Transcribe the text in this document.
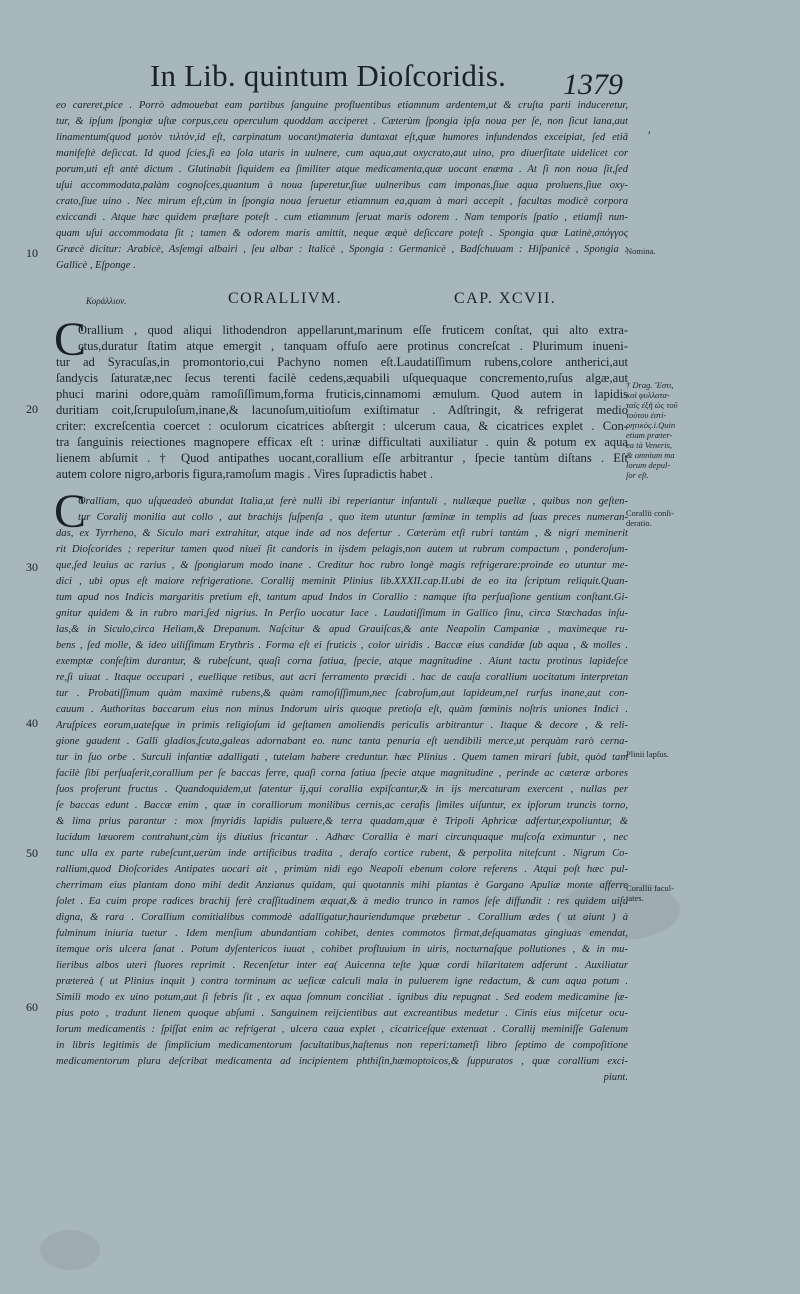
In Lib. quintum Dioſcoridis. 1379
ʹ
eo careret,pice . Porrò admouebat eam partibus ſanguine profluentibus etiamnum ardentem,ut & cruſta parti induceretur,
tur, & ipſum ſpongiæ uſtæ corpus,ceu operculum quoddam acciperet . Cæterùm ſpongia ipſa noua per ſe, non ſicut lana,aut
linamentum(quod μοτὸν τιλτὸν,id eſt, carpinatum uocant)materia duntaxat eſt,quæ humores infundendos exceipiat, ſed etiā
manifeſtè deſiccat. Id quod ſcies,ſi ea ſola utaris in uulnere, cum aqua,aut oxycrato,aut uino, pro diuerſitate uidelicet cor
porum,uti eſt antè dictum . Glutinabit ſiquidem ea ſimiliter atque medicamenta,quæ uocant enæma . At ſi non noua ſit,ſed
uſui accommodata,palàm cognoſces,quantum à noua ſuperetur,ſiue uulneribus cam imponas,ſiue aqua proluens,ſiue oxy-
crato,ſiue uino . Nec mirum eſt,cùm in ſpongia noua ſeruetur etiamnum ea,quam à mari accepit , facultas modicè corpora
exiccandi . Atque hæc quidem præſtare poteſt . cum etiamnum ſeruat maris odorem . Nam temporis ſpatio , etiamſi nun-
quam uſui accommodata ſit ; tamen & odorem maris amittit, neque æquè deſiccare poteſt . Spongia quæ Latinè,σπόγγος
Græcè dicitur: Arabicè, Asſemgi albairi , ſeu albar : Italicè , Spongia : Germanicè , Badſchuuam : Hiſpanicè , Spongia :
Gallicè , Eſponge .
Κοράλλιον.	CORALLIVM.	CAP. XCVII.
C
Orallium , quod aliqui lithodendron appellarunt,marinum eſſe fruticem conſtat, qui alto extra-
ctus,duratur ſtatim atque emergit , tanquam offuſo aere protinus concreſcat . Plurimum inueni-
tur ad Syracuſas,in promontorio,cui Pachyno nomen eſt.Laudatiſſimum rubens,colore antherici,aut
ſandycis ſaturatæ,nec ſecus terenti facilè cedens,æquabili uſquequaque concremento,ruſus algæ,aut
phuci marini odore,quàm ramoſiſſimum,forma fruticis,cinnamomi æmulum. Quod autem in lapidis
duritiam coit,ſcrupuloſum,inane,& lacunoſum,uitioſum exiſtimatur . Adſtringit, & refrigerat medio
criter: excreſcentia coercet : oculorum cicatrices abſtergit : ulcerum caua, & cicatrices explet . Con-
tra ſanguinis reiectiones magnopere efficax eſt : urinæ difficultati auxiliatur . quin & potum ex aqua
lienem abſumit . † Quod antipathes uocant,corallium eſſe arbitrantur , ſpecie tantùm diſtans . Eſt
autem colore nigro,arboris figura,ramoſum magis . Vires ſupradictis habet .
C
Oralliam, quo uſqueadeò abundat Italia,ut ferè nulli ibi reperiantur infantuli , nullæque puellæ , quibus non geſten-
tur Coralij monilia aut collo , aut brachijs ſuſpenſa , quo item utuntur fœminæ in templis ad ſuas preces numeran-
das, ex Tyrrheno, & Siculo mari extrahitur, atque inde ad nos defertur . Cæterùm etſi rubri tantùm , & nigri meminerit
rit Dioſcorides ; reperitur tamen quod niueï ſit candoris in ijsdem pelagis,non autem ut rubrum compactum , ponderoſum-
que,ſed leuius ac rarius , & ſpongiarum modo inane . Creditur hoc rubro longè magis refrigerare:proinde eo utuntur me-
dici , ubi opus eſt maiore refrigeratione. Corallij meminit Plinius lib.XXXII.cap.II.ubi de eo ita ſcriptum reliquit.Quan-
tum apud nos Indicis margaritis pretium eſt, tantum apud Indos in Corallio : namque iſta perſuaſione gentium conſtant.Gi-
gnitur quidem & in rubro mari,ſed nigrius. In Perſio uocatur Iace . Laudatiſſimum in Gallico ſinu, circa Stœchadas inſu-
las,& in Siculo,circa Heliam,& Drepanum. Naſcitur & apud Grauiſcas,& ante Neapolin Campaniæ , maximeque ru-
bens , ſed molle, & ideo uiliſſimum Erythris . Forma eſt ei fruticis , color uiridis . Baccæ eius candidæ ſub aqua , & molles .
exemptæ confeſtim durantur, & rubeſcunt, quaſi corna ſatiua, ſpecie, atque magnitudine . Aiunt tactu protinus lapideſce
re,ſi uiuat . Itaque occupari , euellique retibus, aut acri ferramento præcidi . hac de cauſa corallium uocitatum interpretan
tur . Probatiſſimum quàm maximè rubens,& quàm ramoſiſſimum,nec ſcabroſum,aut lapideum,nel rurſus inane,aut con-
cauum . Authoritas baccarum eius non minus Indorum uiris quoque pretioſa eſt, quàm fœminis noſtris uniones Indici .
Aruſpices eorum,uateſque in primis religioſum id geſtamen amoliendis periculis arbitrantur . Itaque & decore , & reli-
gione gaudent . Galli gladios,ſcuta,galeas adornabant eo. nunc tanta penuria eſt uendibili merce,ut perquàm rarò cerna-
tur in ſuo orbe . Surculi infantiæ adalligati , tutelam habere creduntur. hæc Plinius . Quem tamen mirari ſubit, quòd tam
facilè ſibi perſuaſerit,corallium per ſe baccas ferre, quaſi corna ſatiua ſpecie atque magnitudine , perinde ac cæteræ arbores
ſuos proferunt fructus . Quandoquidem,ut fatentur ij,qui corallia expiſcantur,& in ijs mercaturam exercent , nullas per
ſe baccas edunt . Baccæ enim , quæ in coralliorum monilibus cernis,ac cerafis ſimiles uiſuntur, ex ipſorum truncis torno,
& lima prius parantur : mox ſmyridis lapidis puluere,& terra quadam,quæ è Tripoli Aphricæ adfertur,expoliuntur, &
lucidum læuorem contrahunt,cùm ijs diutius fricantur . Adhæc Corallia è mari circunquaque muſcoſa eximuntur , nec
tunc ulla ex parte rubeſcunt,uerùm inde artificibus tradita , derafo cortice rubent, & perpolita nitefcunt . Nigrum Co-
rallium,quod Dioſcorides Antipates uocari ait , primùm nidi ego Neapoli ebenum colore referens . Atqui poſt hæc pul-
cherrimam eius plantam dono mihi dedit Anzianus quidam, qui quotannis mihi plantas è Gargano Apuliæ monte afferre
ſolet . Ea cuim prope radices brachij ferè craſſitudinem æquat,& à medio trunco in ramos ſeſe diffundit : res quidem uiſu
digna, & rara . Corallium comitialibus commodè adalligatur,hauriendumque præbetur . Corallium ædes ( ut aiunt ) à
fulminum iniuria tuetur . Idem menſium abundantiam cohibet, dentes commotos firmat,deſquamatas gingiuas emendat,
itemque oris ulcera ſanat . Potum dyſentericos iuuat , cohibet profluuium in uiris, nocturnaſque pollutiones , & in mu-
lieribus albos uteri fluores reprimit . Recenſetur inter ea( Auicenna teſte )quæ cordi hilaritatem adferunt . Auxiliatur
prætereà ( ut Plinius inquit ) contra torminum ac ueſicæ calculi mala in puluerem igne redactum, & cum aqua potum .
Simili modo ex uino potum,aut ſi febris ſit , ex aqua ſomnum conciliat . ignibus diu repugnat . Sed eodem medicamine ſæ-
pius poto , tradunt lienem quoque abſumi . Sanguinem reijcientibus aut excreantibus medetur . Cinis eius miſcetur ocu-
lorum medicamentis : ſpiſſat enim ac refrigerat , ulcera caua explet , cicatriceſque extenuat . Corallij meminiſſe Galenum
in libris legitimis de ſimplicium medicamentorum facultatibus,haſtenus non reperi:tametſi libro ſeptimo de compoſitione
medicamentorum plura deſcribat medicamenta ad incipientem phthiſin,hæmoptoicos,& ſuppuratos , quæ corallium exci-
piunt.
10
20
30
40
50
60
Nomina.
† Drag. Ἔστι,
καὶ φυλλατα-
ταῖς ἐξῆ ὡς τοῦ
τούτου ἐστί-
ρητικὸς.i.Quin
etiam præter-
ea tà Veneris,
& omnium ma
lorum depul-
ſor eſt.
Corallii conſi-
deratio.
Plinii lapſus.
Corallii facul-
tates.
